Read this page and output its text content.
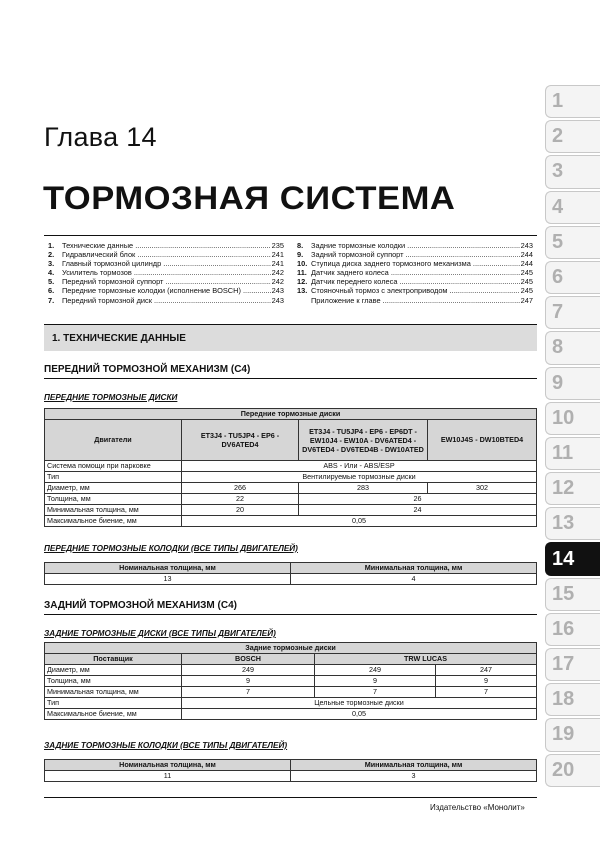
Глава 14
ТОРМОЗНАЯ СИСТЕМА
1.	Технические данные .....	235
2.	Гидравлический блок .....	241
3.	Главный тормозной цилиндр .....	241
4.	Усилитель тормозов .....	242
5.	Передний тормозной суппорт .....	242
6.	Передние тормозные колодки (исполнение BOSCH) .....	243
7.	Передний тормозной диск .....	243
8.	Задние тормозные колодки .....	243
9.	Задний тормозной суппорт .....	244
10. Ступица диска заднего тормозного механизма .....	244
11. Датчик заднего колеса .....	245
12. Датчик переднего колеса .....	245
13. Стояночный тормоз с электроприводом .....	245
Приложение к главе .....	247
1. ТЕХНИЧЕСКИЕ ДАННЫЕ
ПЕРЕДНИЙ ТОРМОЗНОЙ МЕХАНИЗМ (C4)
ПЕРЕДНИЕ ТОРМОЗНЫЕ ДИСКИ
Передние тормозные диски			
Двигатели	ET3J4 - TU5JP4 - EP6 - DV6ATED4	ET3J4 - TU5JP4 - EP6 - EP6DT - EW10J4 - EW10A - DV6ATED4 - DV6TED4 - DV6TED4B - DW10ATED	EW10J4S - DW10BTED4
Система помощи при парковке	ABS - Или - ABS/ESP		
Тип	Вентилируемые тормозные диски		
Диаметр, мм	266	283	302
Толщина, мм	22	26	
Минимальная толщина, мм	20	24	
Максимальное биение, мм	0,05		
ПЕРЕДНИЕ ТОРМОЗНЫЕ КОЛОДКИ (ВСЕ ТИПЫ ДВИГАТЕЛЕЙ)
Номинальная толщина, мм	Минимальная толщина, мм
13	4
ЗАДНИЙ ТОРМОЗНОЙ МЕХАНИЗМ (C4)
ЗАДНИЕ ТОРМОЗНЫЕ ДИСКИ (ВСЕ ТИПЫ ДВИГАТЕЛЕЙ)
Задние тормозные диски			
Поставщик	BOSCH	TRW LUCAS	
Диаметр, мм	249	249	247
Толщина, мм	9	9	9
Минимальная толщина, мм	7	7	7
Тип	Цельные тормозные диски		
Максимальное биение, мм	0,05		
ЗАДНИЕ ТОРМОЗНЫЕ КОЛОДКИ (ВСЕ ТИПЫ ДВИГАТЕЛЕЙ)
Номинальная толщина, мм	Минимальная толщина, мм
11	3
Издательство «Монолит»
1
2
3
4
5
6
7
8
9
10
11
12
13
14
15
16
17
18
19
20
